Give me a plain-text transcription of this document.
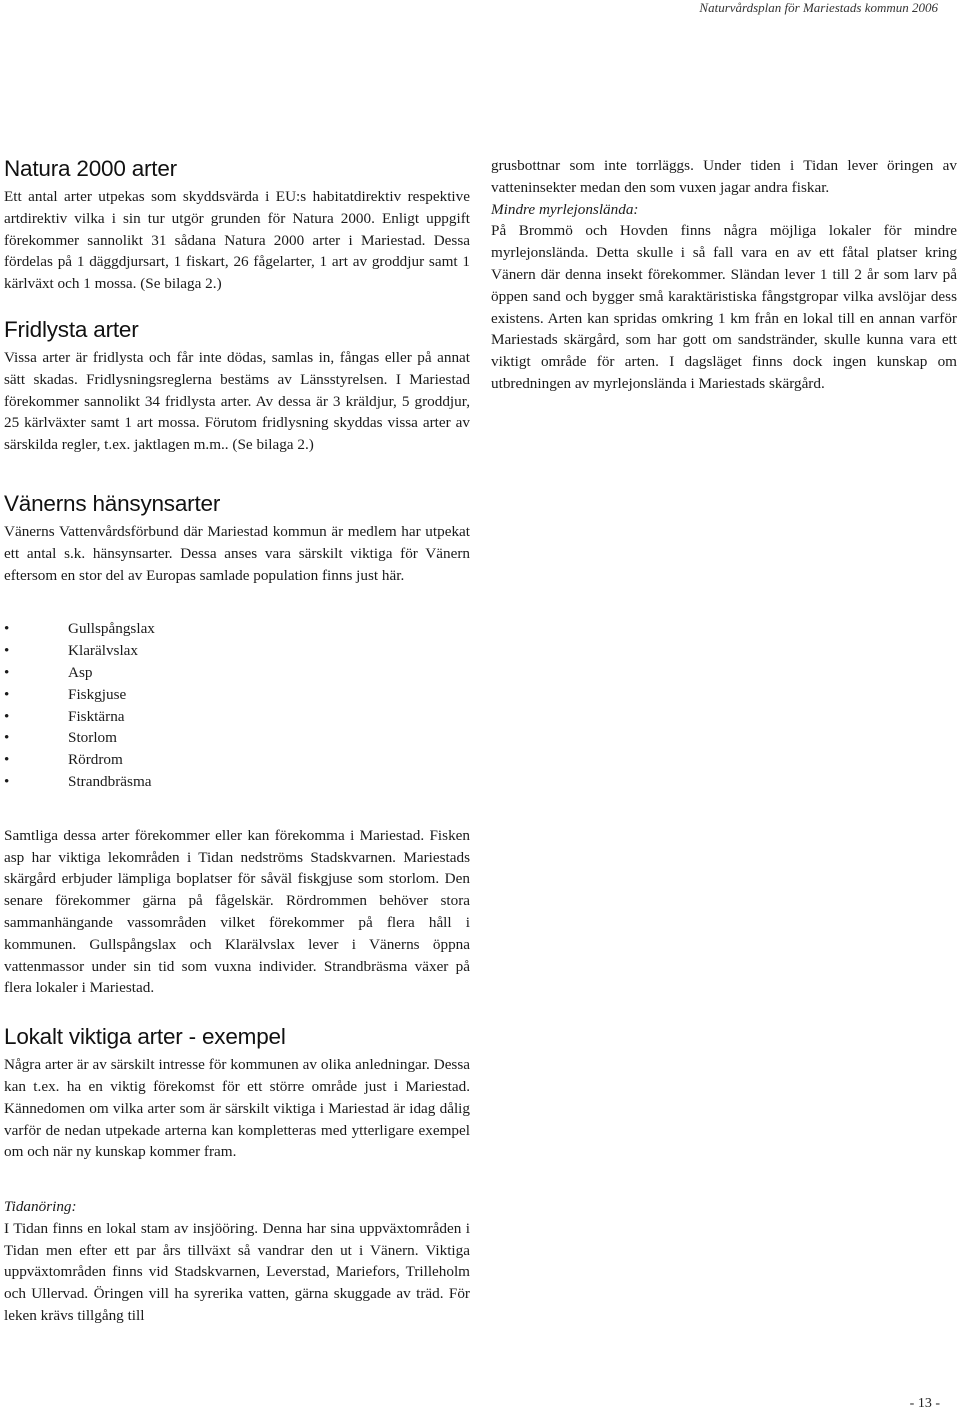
Naturvårdsplan för Mariestads kommun 2006
Natura 2000 arter

Ett antal arter utpekas som skyddsvärda i EU:s habitatdirektiv respektive artdirektiv vilka i sin tur utgör grunden för Natura 2000. Enligt uppgift förekommer sannolikt 31 sådana Natura 2000 arter i Mariestad. Dessa fördelas på 1 däggdjursart, 1 fiskart, 26 fågelarter, 1 art av groddjur samt 1 kärlväxt och 1 mossa. (Se bilaga 2.)

Fridlysta arter

Vissa arter är fridlysta och får inte dödas, samlas in, fångas eller på annat sätt skadas. Fridlysningsreglerna bestäms av Länsstyrelsen. I Mariestad förekommer sannolikt 34 fridlysta arter. Av dessa är 3 kräldjur, 5 groddjur, 25 kärlväxter samt 1 art mossa. Förutom fridlysning skyddas vissa arter av särskilda regler, t.ex. jaktlagen m.m.. (Se bilaga 2.)

Vänerns hänsynsarter

Vänerns Vattenvårdsförbund där Mariestad kommun är medlem har utpekat ett antal s.k. hänsynsarter. Dessa anses vara särskilt viktiga för Vänern eftersom en stor del av Europas samlade population finns just här.

•	Gullspångslax
•	Klarälvslax
•	Asp
•	Fiskgjuse
•	Fisktärna
•	Storlom
•	Rördrom
•	Strandbräsma

Samtliga dessa arter förekommer eller kan förekomma i Mariestad. Fisken asp har viktiga lekområden i Tidan nedströms Stadskvarnen. Mariestads skärgård erbjuder lämpliga boplatser för såväl fiskgjuse som storlom. Den senare förekommer gärna på fågelskär. Rördrommen behöver stora sammanhängande vassområden vilket förekommer på flera håll i kommunen. Gullspångslax och Klarälvslax lever i Vänerns öppna vattenmassor under sin tid som vuxna individer. Strandbräsma växer på flera lokaler i Mariestad.

Lokalt viktiga arter - exempel

Några arter är av särskilt intresse för kommunen av olika anledningar. Dessa kan t.ex. ha en viktig förekomst för ett större område just i Mariestad. Kännedomen om vilka arter som är särskilt viktiga i Mariestad är idag dålig varför de nedan utpekade arterna kan kompletteras med ytterligare exempel om och när ny kunskap kommer fram.

Tidanöring:

I Tidan finns en lokal stam av insjööring. Denna har sina uppväxtområden i Tidan men efter ett par års tillväxt så vandrar den ut i Vänern. Viktiga uppväxtområden finns vid Stadskvarnen, Leverstad, Mariefors, Trilleholm och Ullervad. Öringen vill ha syrerika vatten, gärna skuggade av träd. För leken krävs tillgång till

grusbottnar som inte torrläggs. Under tiden i Tidan lever öringen av vatteninsekter medan den som vuxen jagar andra fiskar.

Mindre myrlejonslända:

På Brommö och Hovden finns några möjliga lokaler för mindre myrlejonslända. Detta skulle i så fall vara en av ett fåtal platser kring Vänern där denna insekt förekommer. Sländan lever 1 till 2 år som larv på öppen sand och bygger små karaktäristiska fångstgropar vilka avslöjar dess existens. Arten kan spridas omkring 1 km från en lokal till en annan varför Mariestads skärgård, som har gott om sandstränder, skulle kunna vara ett viktigt område för arten. I dagsläget finns dock ingen kunskap om utbredningen av myrlejonslända i Mariestads skärgård.

- 13 -
